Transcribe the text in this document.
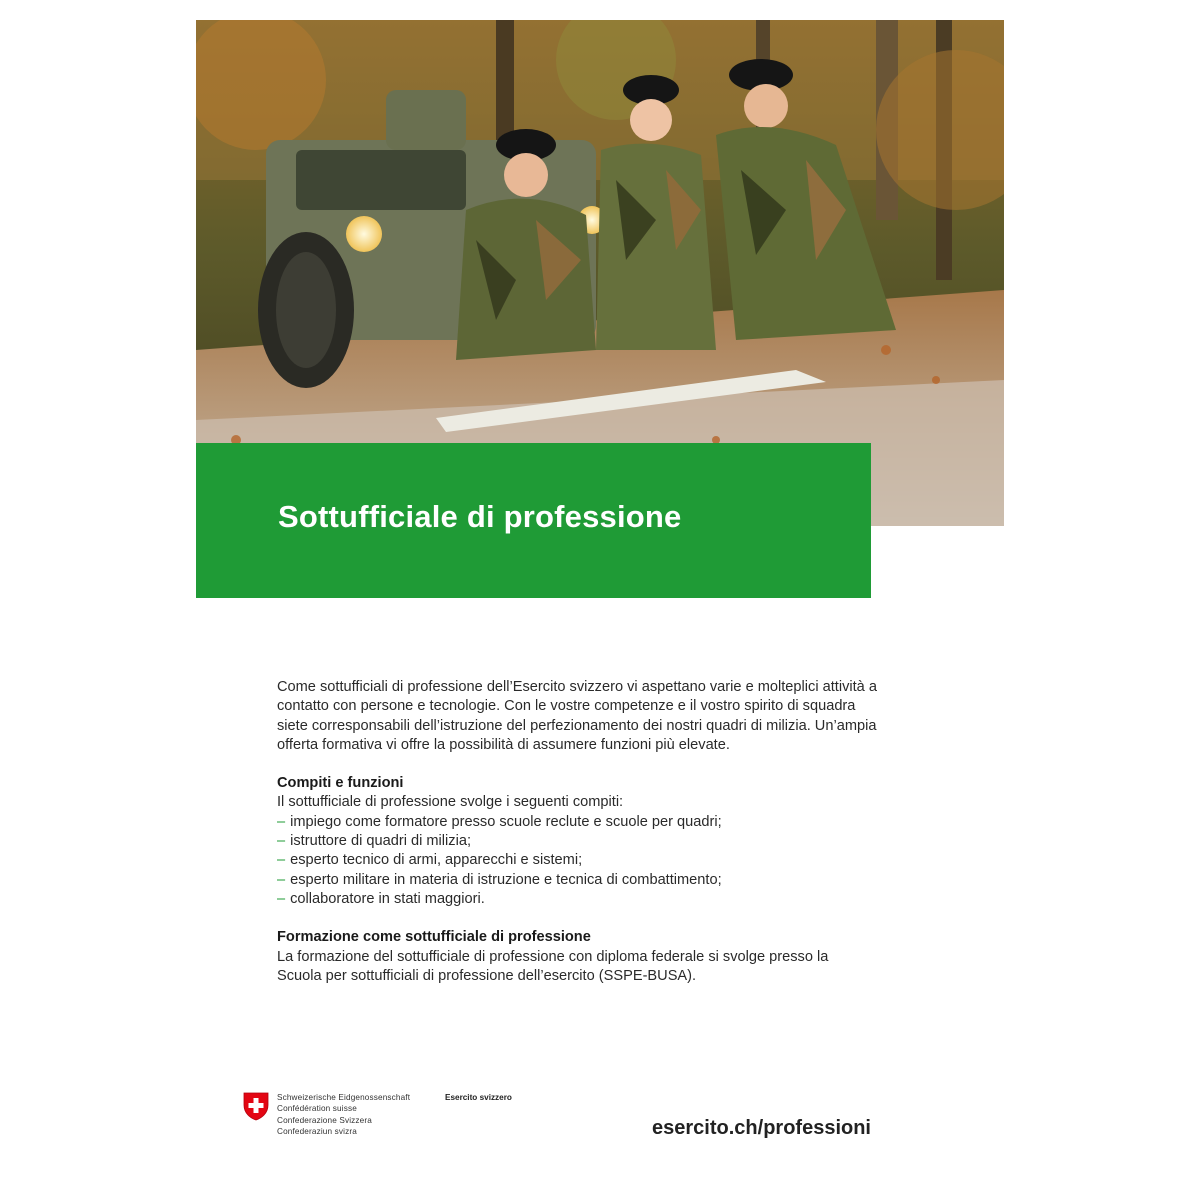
Sottufficiale di professione

Come sottufficiali di professione dell’Esercito svizzero vi aspettano varie e molteplici attività a contatto con persone e tecnologie. Con le vostre competenze e il vostro spirito di squadra siete corresponsabili dell’istruzione del perfezionamento dei nostri quadri di milizia. Un’ampia offerta formativa vi offre la possibilità di assumere funzioni più elevate.

Compiti e funzioni

Il sottufficiale di professione svolge i seguenti compiti:

– impiego come formatore presso scuole reclute e scuole per quadri;
– istruttore di quadri di milizia;
– esperto tecnico di armi, apparecchi e sistemi;
– esperto militare in materia di istruzione e tecnica di combattimento;
– collaboratore in stati maggiori.

Formazione come sottufficiale di professione

La formazione del sottufficiale di professione con diploma federale si svolge presso la Scuola per sottufficiali di professione dell’esercito (SSPE-BUSA).

Schweizerische Eidgenossenschaft
Confédération suisse
Confederazione Svizzera
Confederaziun svizra
Esercito svizzero
esercito.ch/professioni
